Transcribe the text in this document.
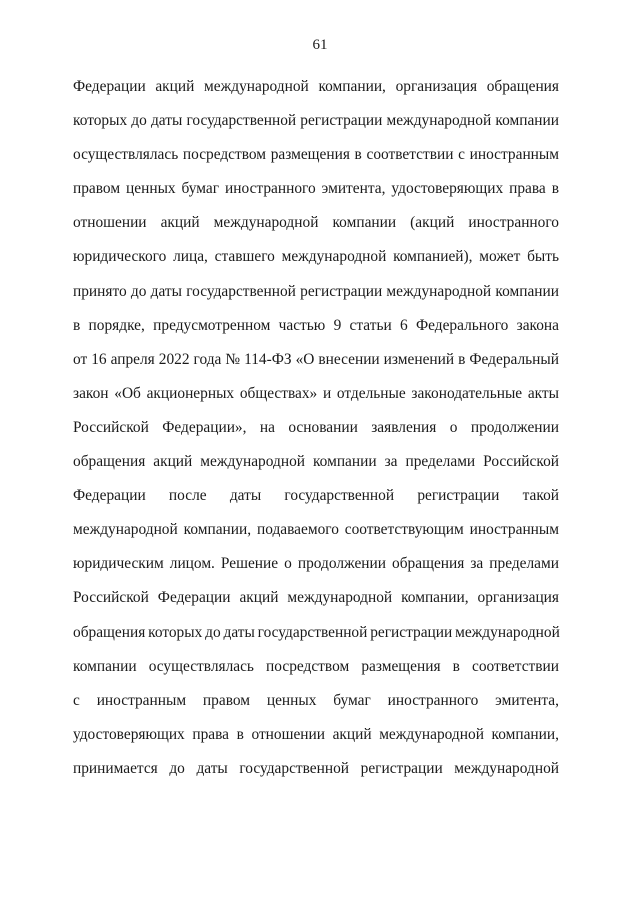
61
Федерации акций международной компании, организация обращения
которых до даты государственной регистрации международной компании
осуществлялась посредством размещения в соответствии с иностранным
правом ценных бумаг иностранного эмитента, удостоверяющих права в
отношении акций международной компании (акций иностранного
юридического лица, ставшего международной компанией), может быть
принято до даты государственной регистрации международной компании
в порядке, предусмотренном частью 9 статьи 6 Федерального закона
от 16 апреля 2022 года № 114-ФЗ «О внесении изменений в Федеральный
закон «Об акционерных обществах» и отдельные законодательные акты
Российской Федерации», на основании заявления о продолжении
обращения акций международной компании за пределами Российской
Федерации после даты государственной регистрации такой
международной компании, подаваемого соответствующим иностранным
юридическим лицом. Решение о продолжении обращения за пределами
Российской Федерации акций международной компании, организация
обращения которых до даты государственной регистрации международной
компании осуществлялась посредством размещения в соответствии
с иностранным правом ценных бумаг иностранного эмитента,
удостоверяющих права в отношении акций международной компании,
принимается до даты государственной регистрации международной
